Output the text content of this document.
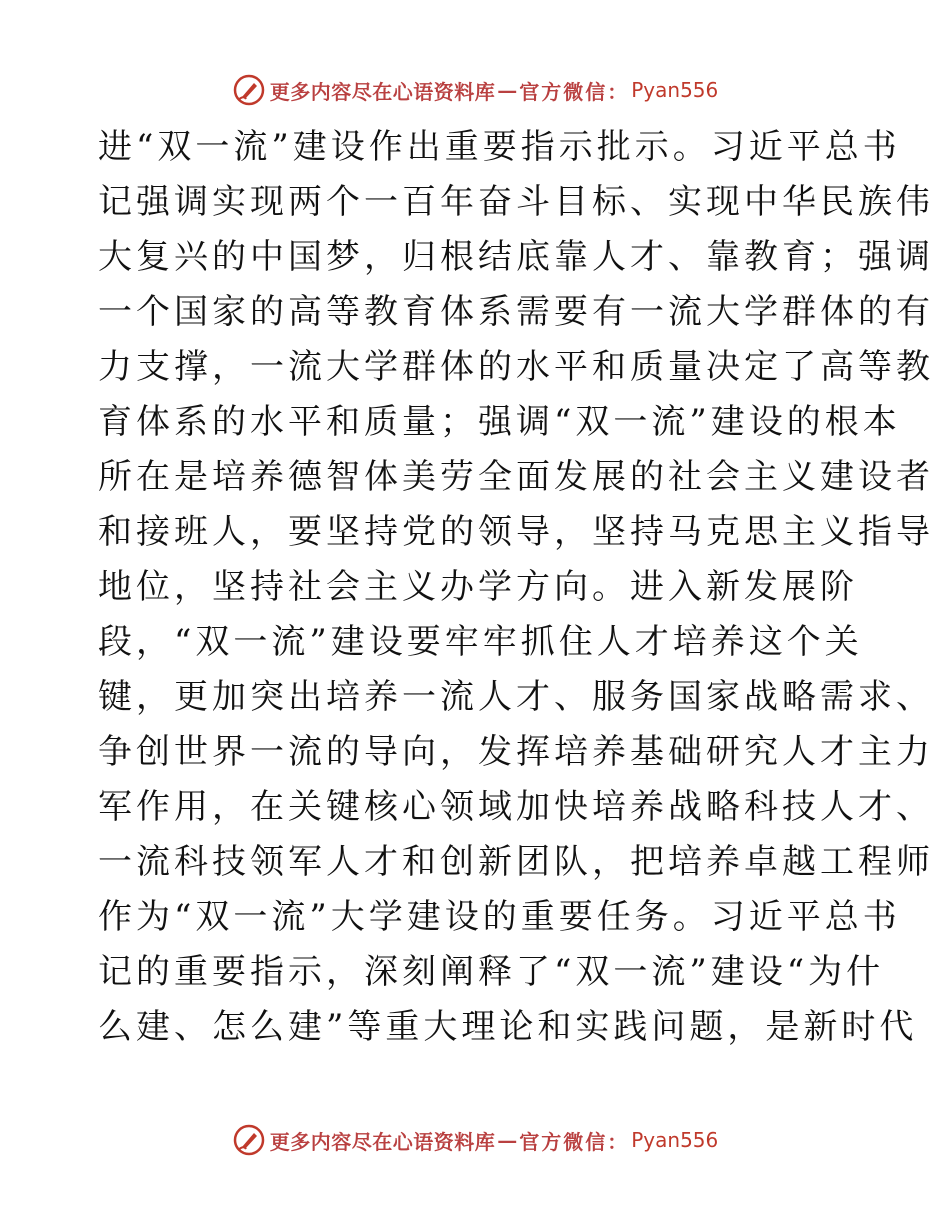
更多内容尽在心语资料库 — 官方微信： Pyan556
进“双一流”建设作出重要指示批示。习近平总书
记强调实现两个一百年奋斗目标、实现中华民族伟
大复兴的中国梦，归根结底靠人才、靠教育；强调
一个国家的高等教育体系需要有一流大学群体的有
力支撑，一流大学群体的水平和质量决定了高等教
育体系的水平和质量；强调“双一流”建设的根本
所在是培养德智体美劳全面发展的社会主义建设者
和接班人，要坚持党的领导，坚持马克思主义指导
地位，坚持社会主义办学方向。进入新发展阶
段，“双一流”建设要牢牢抓住人才培养这个关
键，更加突出培养一流人才、服务国家战略需求、
争创世界一流的导向，发挥培养基础研究人才主力
军作用，在关键核心领域加快培养战略科技人才、
一流科技领军人才和创新团队，把培养卓越工程师
作为“双一流”大学建设的重要任务。习近平总书
记的重要指示，深刻阐释了“双一流”建设“为什
么建、怎么建”等重大理论和实践问题，是新时代
更多内容尽在心语资料库 — 官方微信： Pyan556
